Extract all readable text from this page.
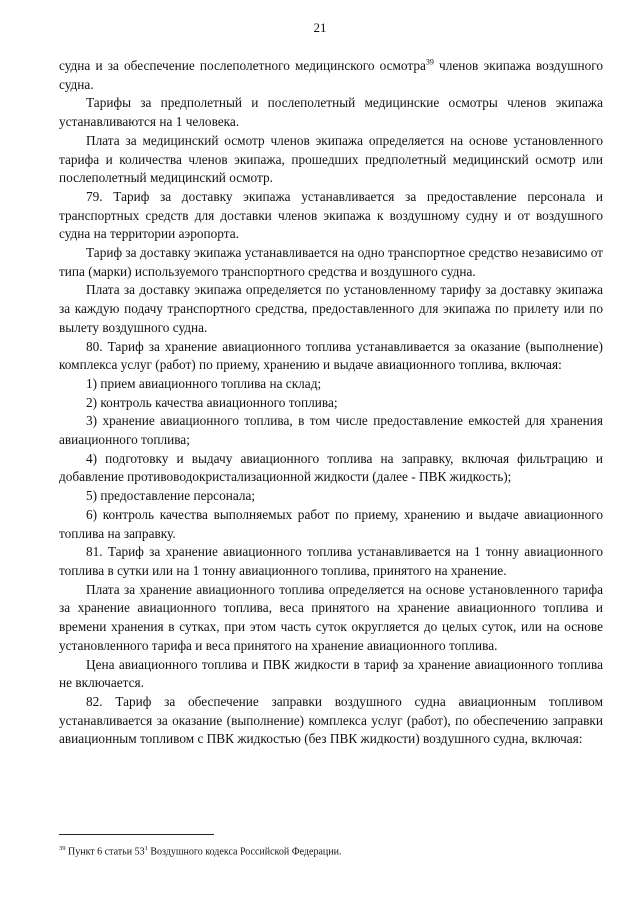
21

судна и за обеспечение послеполетного медицинского осмотра$^{39}$ членов экипажа воздушного судна.

Тарифы за предполетный и послеполетный медицинские осмотры членов экипажа устанавливаются на 1 человека.

Плата за медицинский осмотр членов экипажа определяется на основе установленного тарифа и количества членов экипажа, прошедших предполетный медицинский осмотр или послеполетный медицинский осмотр.

79. Тариф за доставку экипажа устанавливается за предоставление персонала и транспортных средств для доставки членов экипажа к воздушному судну и от воздушного судна на территории аэропорта.

Тариф за доставку экипажа устанавливается на одно транспортное средство независимо от типа (марки) используемого транспортного средства и воздушного судна.

Плата за доставку экипажа определяется по установленному тарифу за доставку экипажа за каждую подачу транспортного средства, предоставленного для экипажа по прилету или по вылету воздушного судна.

80. Тариф за хранение авиационного топлива устанавливается за оказание (выполнение) комплекса услуг (работ) по приему, хранению и выдаче авиационного топлива, включая:

1) прием авиационного топлива на склад;

2) контроль качества авиационного топлива;

3) хранение авиационного топлива, в том числе предоставление емкостей для хранения авиационного топлива;

4) подготовку и выдачу авиационного топлива на заправку, включая фильтрацию и добавление противоводокристализационной жидкости (далее - ПВК жидкость);

5) предоставление персонала;

6) контроль качества выполняемых работ по приему, хранению и выдаче авиационного топлива на заправку.

81. Тариф за хранение авиационного топлива устанавливается на 1 тонну авиационного топлива в сутки или на 1 тонну авиационного топлива, принятого на хранение.

Плата за хранение авиационного топлива определяется на основе установленного тарифа за хранение авиационного топлива, веса принятого на хранение авиационного топлива и времени хранения в сутках, при этом часть суток округляется до целых суток, или на основе установленного тарифа и веса принятого на хранение авиационного топлива.

Цена авиационного топлива и ПВК жидкости в тариф за хранение авиационного топлива не включается.

82. Тариф за обеспечение заправки воздушного судна авиационным топливом устанавливается за оказание (выполнение) комплекса услуг (работ), по обеспечению заправки авиационным топливом с ПВК жидкостью (без ПВК жидкости) воздушного судна, включая:

$^{39}$ Пункт 6 статьи $53^1$ Воздушного кодекса Российской Федерации.
